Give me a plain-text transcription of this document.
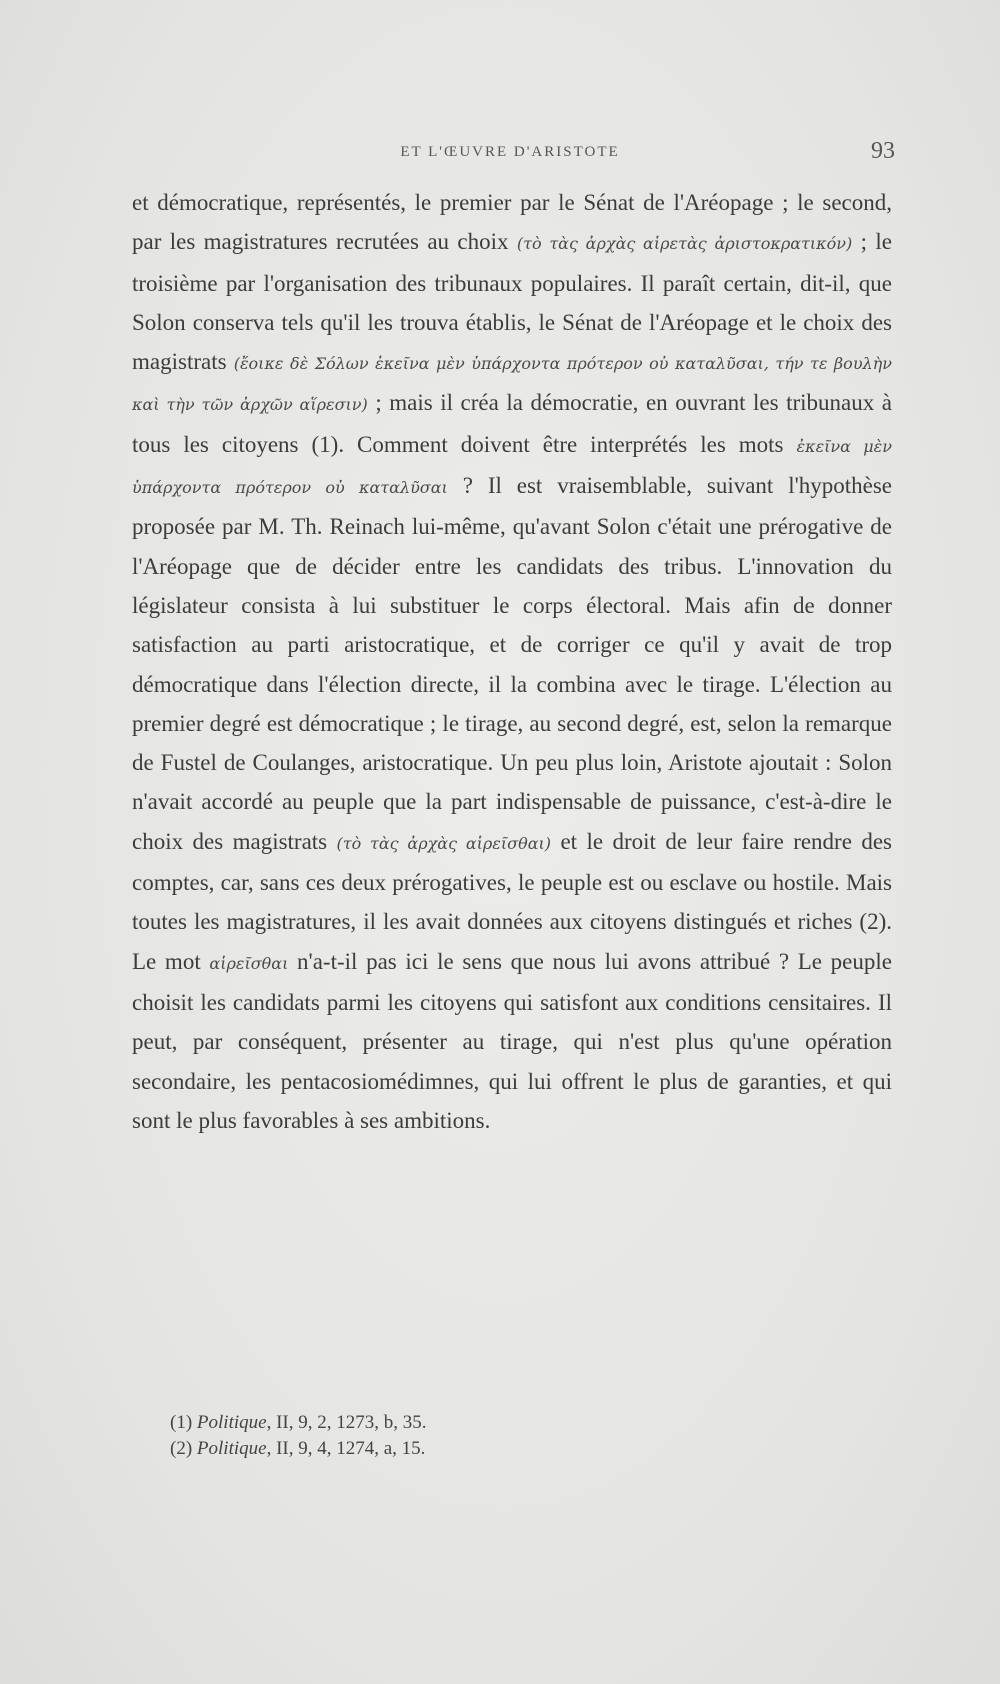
ET L'ŒUVRE D'ARISTOTE	93

et démocratique, représentés, le premier par le Sénat de l'Aréopage ; le second, par les magistratures recrutées au choix (τὸ τὰς ἀρχὰς αἱρετὰς ἀριστοκρατικόν) ; le troisième par l'organisation des tribunaux populaires. Il paraît certain, dit-il, que Solon conserva tels qu'il les trouva établis, le Sénat de l'Aréopage et le choix des magistrats (ἔοικε δὲ Σόλων ἐκεῖνα μὲν ὑπάρχοντα πρότερον οὐ καταλῦσαι, τήν τε βουλὴν καὶ τὴν τῶν ἀρχῶν αἵρεσιν) ; mais il créa la démocratie, en ouvrant les tribunaux à tous les citoyens (1). Comment doivent être interprétés les mots ἐκεῖνα μὲν ὑπάρχοντα πρότερον οὐ καταλῦσαι ? Il est vraisemblable, suivant l'hypothèse proposée par M. Th. Reinach lui-même, qu'avant Solon c'était une prérogative de l'Aréopage que de décider entre les candidats des tribus. L'innovation du législateur consista à lui substituer le corps électoral. Mais afin de donner satisfaction au parti aristocratique, et de corriger ce qu'il y avait de trop démocratique dans l'élection directe, il la combina avec le tirage. L'élection au premier degré est démocratique ; le tirage, au second degré, est, selon la remarque de Fustel de Coulanges, aristocratique. Un peu plus loin, Aristote ajoutait : Solon n'avait accordé au peuple que la part indispensable de puissance, c'est-à-dire le choix des magistrats (τὸ τὰς ἀρχὰς αἱρεῖσθαι) et le droit de leur faire rendre des comptes, car, sans ces deux prérogatives, le peuple est ou esclave ou hostile. Mais toutes les magistratures, il les avait données aux citoyens distingués et riches (2). Le mot αἱρεῖσθαι n'a-t-il pas ici le sens que nous lui avons attribué ? Le peuple choisit les candidats parmi les citoyens qui satisfont aux conditions censitaires. Il peut, par conséquent, présenter au tirage, qui n'est plus qu'une opération secondaire, les pentacosiomédimnes, qui lui offrent le plus de garanties, et qui sont le plus favorables à ses ambitions.

(1) Politique, II, 9, 2, 1273, b, 35.
(2) Politique, II, 9, 4, 1274, a, 15.
